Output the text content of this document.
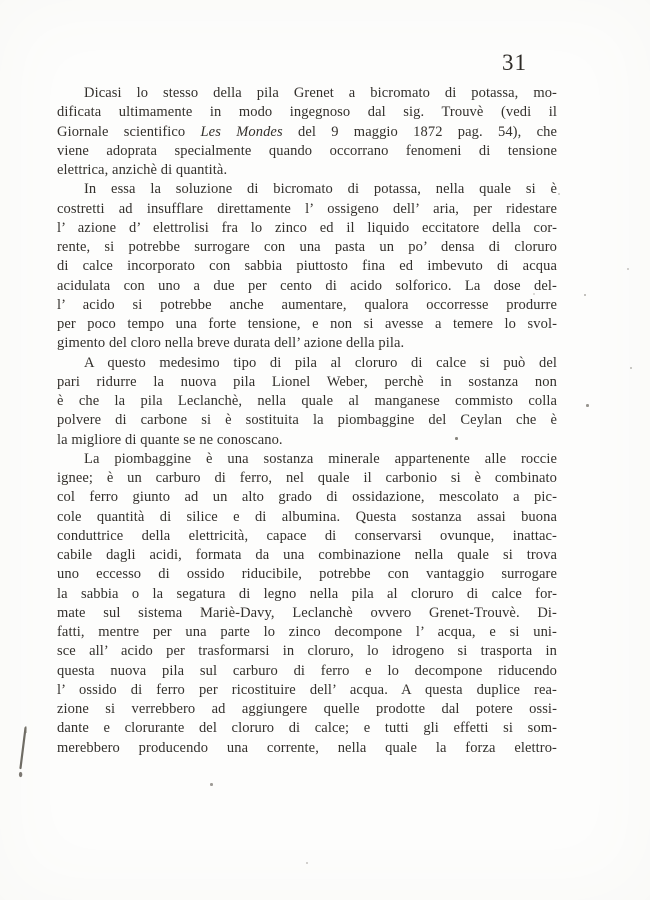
31
Dicasi lo stesso della pila Grenet a bicromato di potassa, mo-
dificata ultimamente in modo ingegnoso dal sig. Trouvè (vedi il
Giornale scientifico Les Mondes del 9 maggio 1872 pag. 54), che
viene adoprata specialmente quando occorrano fenomeni di tensione
elettrica, anzichè di quantità.
In essa la soluzione di bicromato di potassa, nella quale si è
costretti ad insufflare direttamente l’ ossigeno dell’ aria, per ridestare
l’ azione d’ elettrolisi fra lo zinco ed il liquido eccitatore della cor-
rente, si potrebbe surrogare con una pasta un po’ densa di cloruro
di calce incorporato con sabbia piuttosto fina ed imbevuto di acqua
acidulata con uno a due per cento di acido solforico. La dose del-
l’ acido si potrebbe anche aumentare, qualora occorresse produrre
per poco tempo una forte tensione, e non si avesse a temere lo svol-
gimento del cloro nella breve durata dell’ azione della pila.
A questo medesimo tipo di pila al cloruro di calce si può del
pari ridurre la nuova pila Lionel Weber, perchè in sostanza non
è che la pila Leclanchè, nella quale al manganese commisto colla
polvere di carbone si è sostituita la piombaggine del Ceylan che è
la migliore di quante se ne conoscano.
La piombaggine è una sostanza minerale appartenente alle roccie
ignee; è un carburo di ferro, nel quale il carbonio si è combinato
col ferro giunto ad un alto grado di ossidazione, mescolato a pic-
cole quantità di silice e di albumina. Questa sostanza assai buona
conduttrice della elettricità, capace di conservarsi ovunque, inattac-
cabile dagli acidi, formata da una combinazione nella quale si trova
uno eccesso di ossido riducibile, potrebbe con vantaggio surrogare
la sabbia o la segatura di legno nella pila al cloruro di calce for-
mate sul sistema Mariè-Davy, Leclanchè ovvero Grenet-Trouvè. Di-
fatti, mentre per una parte lo zinco decompone l’ acqua, e si uni-
sce all’ acido per trasformarsi in cloruro, lo idrogeno si trasporta in
questa nuova pila sul carburo di ferro e lo decompone riducendo
l’ ossido di ferro per ricostituire dell’ acqua. A questa duplice rea-
zione si verrebbero ad aggiungere quelle prodotte dal potere ossi-
dante e clorurante del cloruro di calce; e tutti gli effetti si som-
merebbero producendo una corrente, nella quale la forza elettro-
